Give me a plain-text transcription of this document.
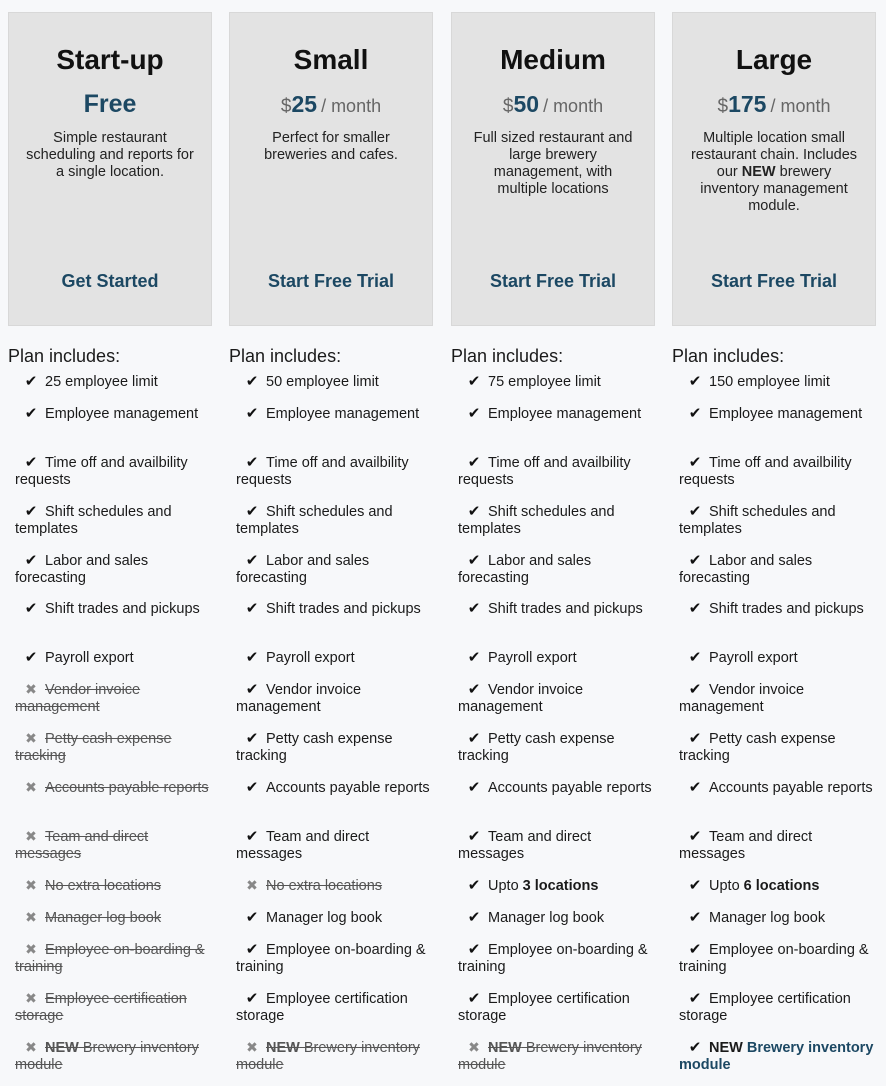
Start-up
Free
Simple restaurant scheduling and reports for a single location.
Get Started
Plan includes:
✔ 25 employee limit
✔ Employee management
✔ Time off and availbility requests
✔ Shift schedules and templates
✔ Labor and sales forecasting
✔ Shift trades and pickups
✔ Payroll export
✖ Vendor invoice management
✖ Petty cash expense tracking
✖ Accounts payable reports
✖ Team and direct messages
✖ No extra locations
✖ Manager log book
✖ Employee on-boarding & training
✖ Employee certification storage
✖ NEW Brewery inventory module
Small
$25 / month
Perfect for smaller breweries and cafes.
Start Free Trial
Plan includes:
✔ 50 employee limit
✔ Employee management
✔ Time off and availbility requests
✔ Shift schedules and templates
✔ Labor and sales forecasting
✔ Shift trades and pickups
✔ Payroll export
✔ Vendor invoice management
✔ Petty cash expense tracking
✔ Accounts payable reports
✔ Team and direct messages
✖ No extra locations
✔ Manager log book
✔ Employee on-boarding & training
✔ Employee certification storage
✖ NEW Brewery inventory module
Medium
$50 / month
Full sized restaurant and large brewery management, with multiple locations
Start Free Trial
Plan includes:
✔ 75 employee limit
✔ Employee management
✔ Time off and availbility requests
✔ Shift schedules and templates
✔ Labor and sales forecasting
✔ Shift trades and pickups
✔ Payroll export
✔ Vendor invoice management
✔ Petty cash expense tracking
✔ Accounts payable reports
✔ Team and direct messages
✔ Upto 3 locations
✔ Manager log book
✔ Employee on-boarding & training
✔ Employee certification storage
✖ NEW Brewery inventory module
Large
$175 / month
Multiple location small restaurant chain. Includes our NEW brewery inventory management module.
Start Free Trial
Plan includes:
✔ 150 employee limit
✔ Employee management
✔ Time off and availbility requests
✔ Shift schedules and templates
✔ Labor and sales forecasting
✔ Shift trades and pickups
✔ Payroll export
✔ Vendor invoice management
✔ Petty cash expense tracking
✔ Accounts payable reports
✔ Team and direct messages
✔ Upto 6 locations
✔ Manager log book
✔ Employee on-boarding & training
✔ Employee certification storage
✔ NEW Brewery inventory module
